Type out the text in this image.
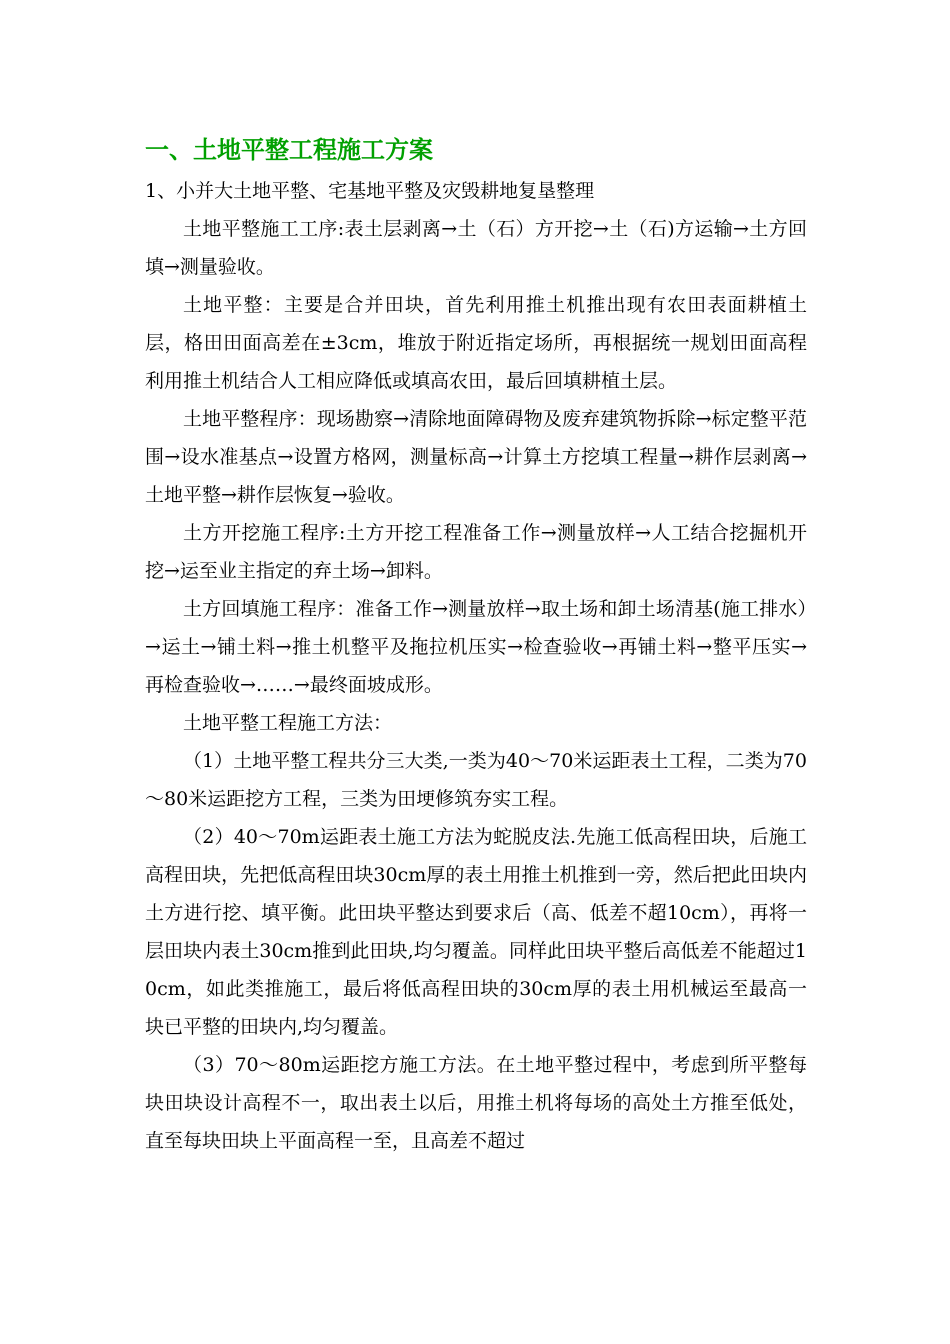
一、土地平整工程施工方案

1、小并大土地平整、宅基地平整及灾毁耕地复垦整理

土地平整施工工序:表土层剥离→土（石）方开挖→土（石)方运输→土方回填→测量验收。

土地平整：主要是合并田块，首先利用推土机推出现有农田表面耕植土层，格田田面高差在±3cm，堆放于附近指定场所，再根据统一规划田面高程利用推土机结合人工相应降低或填高农田，最后回填耕植土层。

土地平整程序：现场勘察→清除地面障碍物及废弃建筑物拆除→标定整平范围→设水准基点→设置方格网，测量标高→计算土方挖填工程量→耕作层剥离→土地平整→耕作层恢复→验收。

土方开挖施工程序:土方开挖工程准备工作→测量放样→人工结合挖掘机开挖→运至业主指定的弃土场→卸料。

土方回填施工程序：准备工作→测量放样→取土场和卸土场清基(施工排水）→运土→铺土料→推土机整平及拖拉机压实→检查验收→再铺土料→整平压实→再检查验收→……→最终面坡成形。

土地平整工程施工方法：

（1）土地平整工程共分三大类,一类为40～70米运距表土工程，二类为70～80米运距挖方工程，三类为田埂修筑夯实工程。

（2）40～70m运距表土施工方法为蛇脱皮法.先施工低高程田块，后施工高程田块，先把低高程田块30cm厚的表土用推土机推到一旁，然后把此田块内土方进行挖、填平衡。此田块平整达到要求后（高、低差不超10cm），再将一层田块内表土30cm推到此田块,均匀覆盖。同样此田块平整后高低差不能超过10cm，如此类推施工，最后将低高程田块的30cm厚的表土用机械运至最高一块已平整的田块内,均匀覆盖。

（3）70～80m运距挖方施工方法。在土地平整过程中，考虑到所平整每块田块设计高程不一，取出表土以后，用推土机将每场的高处土方推至低处，直至每块田块上平面高程一至，且高差不超过
